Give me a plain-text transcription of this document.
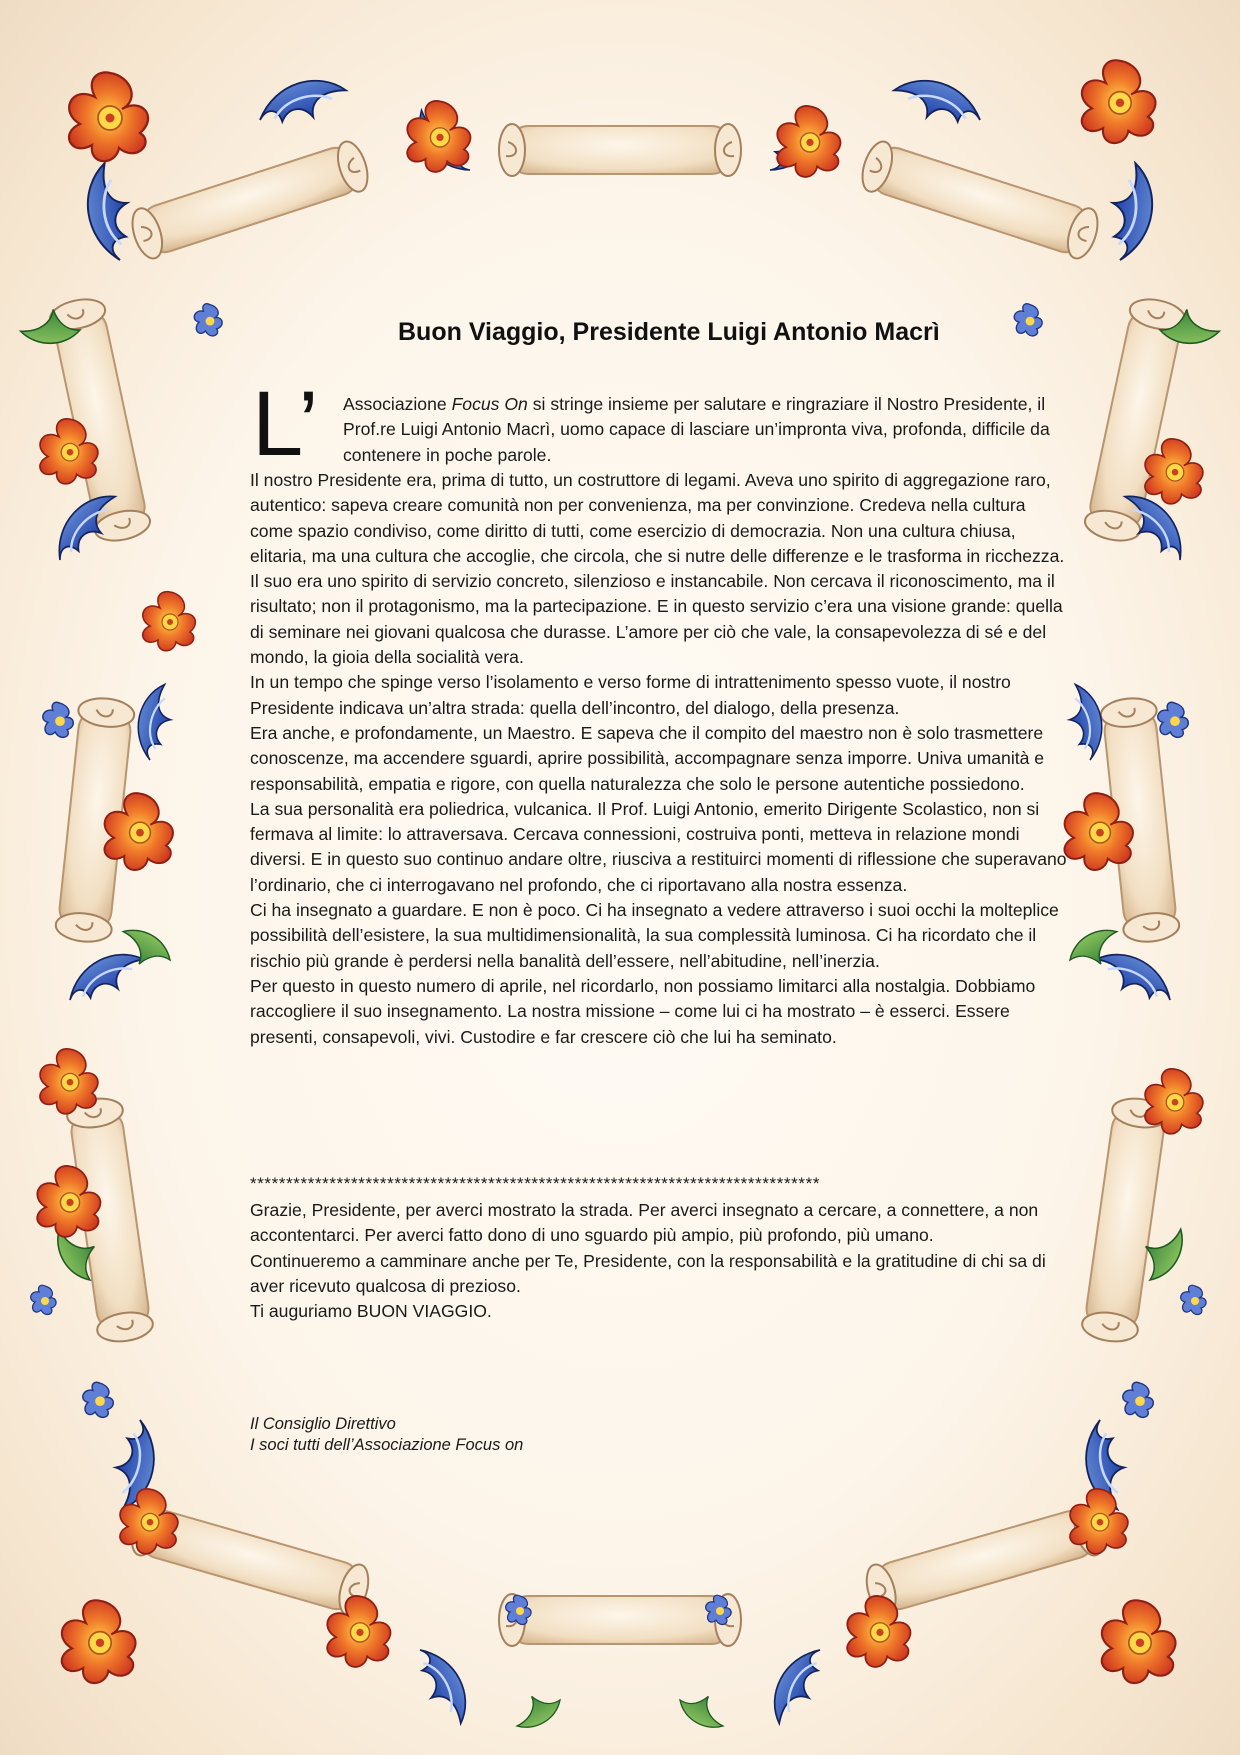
Buon Viaggio, Presidente Luigi Antonio Macrì
L’ Associazione Focus On si stringe insieme per salutare e ringraziare il Nostro Presidente, il Prof.re Luigi Antonio Macrì, uomo capace di lasciare un’impronta viva, profonda, difficile da contenere in poche parole.

Il nostro Presidente era, prima di tutto, un costruttore di legami. Aveva uno spirito di aggregazione raro, autentico: sapeva creare comunità non per convenienza, ma per convinzione. Credeva nella cultura come spazio condiviso, come diritto di tutti, come esercizio di democrazia. Non una cultura chiusa, elitaria, ma una cultura che accoglie, che circola, che si nutre delle differenze e le trasforma in ricchezza.

Il suo era uno spirito di servizio concreto, silenzioso e instancabile. Non cercava il riconoscimento, ma il risultato; non il protagonismo, ma la partecipazione. E in questo servizio c’era una visione grande: quella di seminare nei giovani qualcosa che durasse. L’amore per ciò che vale, la consapevolezza di sé e del mondo, la gioia della socialità vera.

In un tempo che spinge verso l’isolamento e verso forme di intrattenimento spesso vuote, il nostro Presidente indicava un’altra strada: quella dell’incontro, del dialogo, della presenza.

Era anche, e profondamente, un Maestro. E sapeva che il compito del maestro non è solo trasmettere conoscenze, ma accendere sguardi, aprire possibilità, accompagnare senza imporre. Univa umanità e responsabilità, empatia e rigore, con quella naturalezza che solo le persone autentiche possiedono.

La sua personalità era poliedrica, vulcanica. Il Prof. Luigi Antonio, emerito Dirigente Scolastico, non si fermava al limite: lo attraversava. Cercava connessioni, costruiva ponti, metteva in relazione mondi diversi. E in questo suo continuo andare oltre, riusciva a restituirci momenti di riflessione che superavano l’ordinario, che ci interrogavano nel profondo, che ci riportavano alla nostra essenza.

Ci ha insegnato a guardare. E non è poco. Ci ha insegnato a vedere attraverso i suoi occhi la molteplice possibilità dell’esistere, la sua multidimensionalità, la sua complessità luminosa. Ci ha ricordato che il rischio più grande è perdersi nella banalità dell’essere, nell’abitudine, nell’inerzia.

Per questo in questo numero di aprile, nel ricordarlo, non possiamo limitarci alla nostalgia. Dobbiamo raccogliere il suo insegnamento. La nostra missione – come lui ci ha mostrato – è esserci. Essere presenti, consapevoli, vivi. Custodire e far crescere ciò che lui ha seminato.

*******************************************************************************

Grazie, Presidente, per averci mostrato la strada. Per averci insegnato a cercare, a connettere, a non accontentarci. Per averci fatto dono di uno sguardo più ampio, più profondo, più umano.

Continueremo a camminare anche per Te, Presidente, con la responsabilità e la gratitudine di chi sa di aver ricevuto qualcosa di prezioso.

Ti auguriamo BUON VIAGGIO.

Il Consiglio Direttivo

I soci tutti dell’Associazione Focus on
